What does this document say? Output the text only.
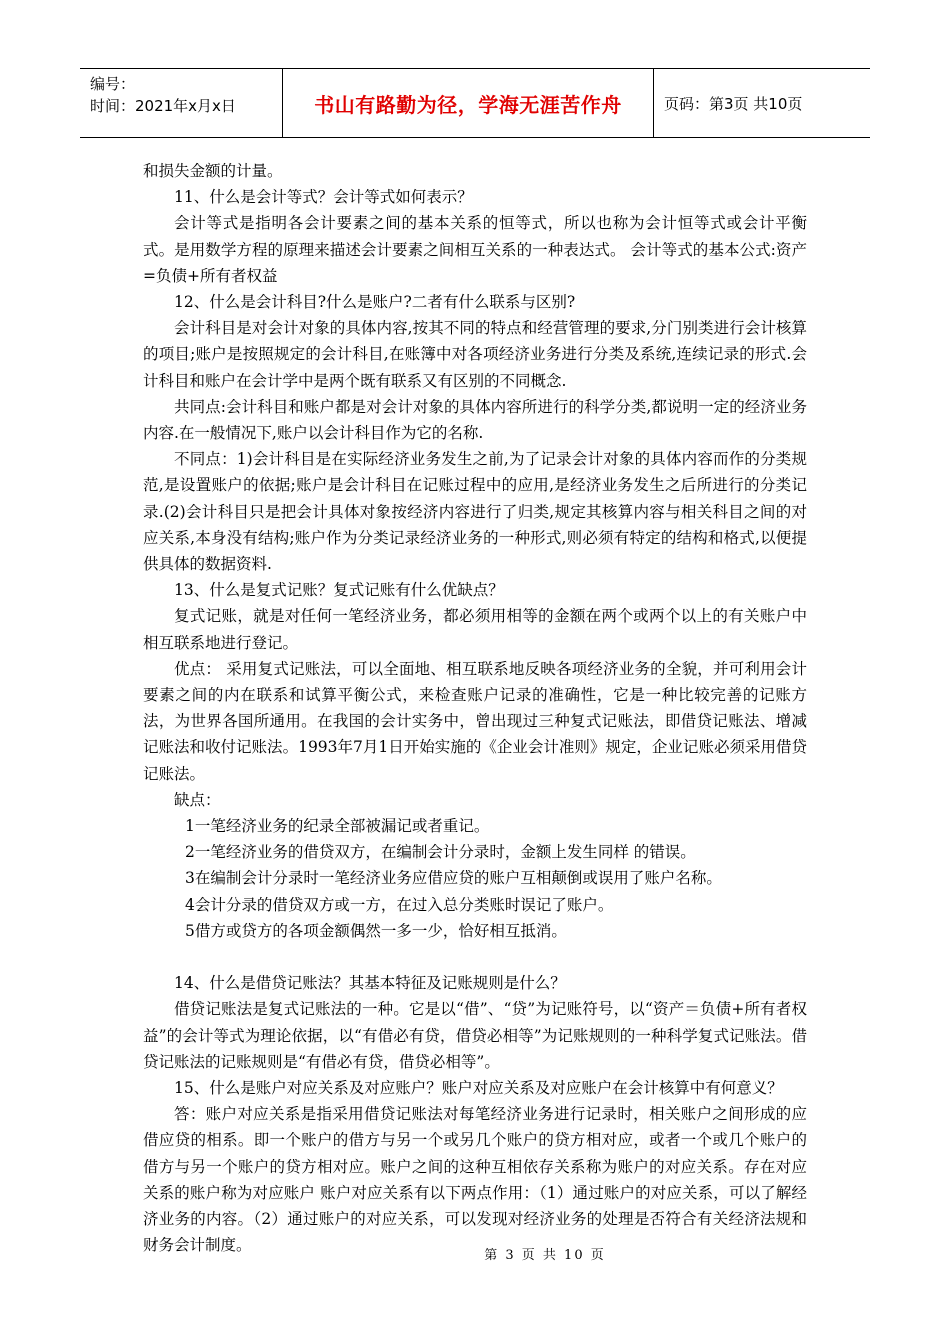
编号：
时间：2021年x月x日	书山有路勤为径，学海无涯苦作舟	页码：第3页 共10页

和损失金额的计量。

11、什么是会计等式？会计等式如何表示？

会计等式是指明各会计要素之间的基本关系的恒等式，所以也称为会计恒等式或会计平衡式。是用数学方程的原理来描述会计要素之间相互关系的一种表达式。 会计等式的基本公式:资产=负债+所有者权益

12、什么是会计科目?什么是账户?二者有什么联系与区别?

会计科目是对会计对象的具体内容,按其不同的特点和经营管理的要求,分门别类进行会计核算的项目;账户是按照规定的会计科目,在账簿中对各项经济业务进行分类及系统,连续记录的形式.会计科目和账户在会计学中是两个既有联系又有区别的不同概念.

共同点:会计科目和账户都是对会计对象的具体内容所进行的科学分类,都说明一定的经济业务内容.在一般情况下,账户以会计科目作为它的名称.

不同点：1)会计科目是在实际经济业务发生之前,为了记录会计对象的具体内容而作的分类规范,是设置账户的依据;账户是会计科目在记账过程中的应用,是经济业务发生之后所进行的分类记录.(2)会计科目只是把会计具体对象按经济内容进行了归类,规定其核算内容与相关科目之间的对应关系,本身没有结构;账户作为分类记录经济业务的一种形式,则必须有特定的结构和格式,以便提供具体的数据资料.

13、什么是复式记账？复式记账有什么优缺点？

复式记账，就是对任何一笔经济业务，都必须用相等的金额在两个或两个以上的有关账户中相互联系地进行登记。

优点： 采用复式记账法，可以全面地、相互联系地反映各项经济业务的全貌，并可利用会计要素之间的内在联系和试算平衡公式，来检查账户记录的准确性，它是一种比较完善的记账方法，为世界各国所通用。在我国的会计实务中，曾出现过三种复式记账法，即借贷记账法、增减记账法和收付记账法。1993年7月1日开始实施的《企业会计准则》规定，企业记账必须采用借贷记账法。

缺点：

1一笔经济业务的纪录全部被漏记或者重记。

2一笔经济业务的借贷双方，在编制会计分录时，金额上发生同样 的错误。

3在编制会计分录时一笔经济业务应借应贷的账户互相颠倒或误用了账户名称。

4会计分录的借贷双方或一方，在过入总分类账时误记了账户。

5借方或贷方的各项金额偶然一多一少，恰好相互抵消。

14、什么是借贷记账法？其基本特征及记账规则是什么？

借贷记账法是复式记账法的一种。它是以“借”、“贷”为记账符号，以“资产＝负债+所有者权益”的会计等式为理论依据，以“有借必有贷，借贷必相等”为记账规则的一种科学复式记账法。借贷记账法的记账规则是“有借必有贷，借贷必相等”。

15、什么是账户对应关系及对应账户？账户对应关系及对应账户在会计核算中有何意义？

答：账户对应关系是指采用借贷记账法对每笔经济业务进行记录时，相关账户之间形成的应借应贷的相系。即一个账户的借方与另一个或另几个账户的贷方相对应，或者一个或几个账户的借方与另一个账户的贷方相对应。账户之间的这种互相依存关系称为账户的对应关系。存在对应关系的账户称为对应账户 账户对应关系有以下两点作用：（1）通过账户的对应关系，可以了解经济业务的内容。（2）通过账户的对应关系，可以发现对经济业务的处理是否符合有关经济法规和财务会计制度。

第 3 页 共 10 页
